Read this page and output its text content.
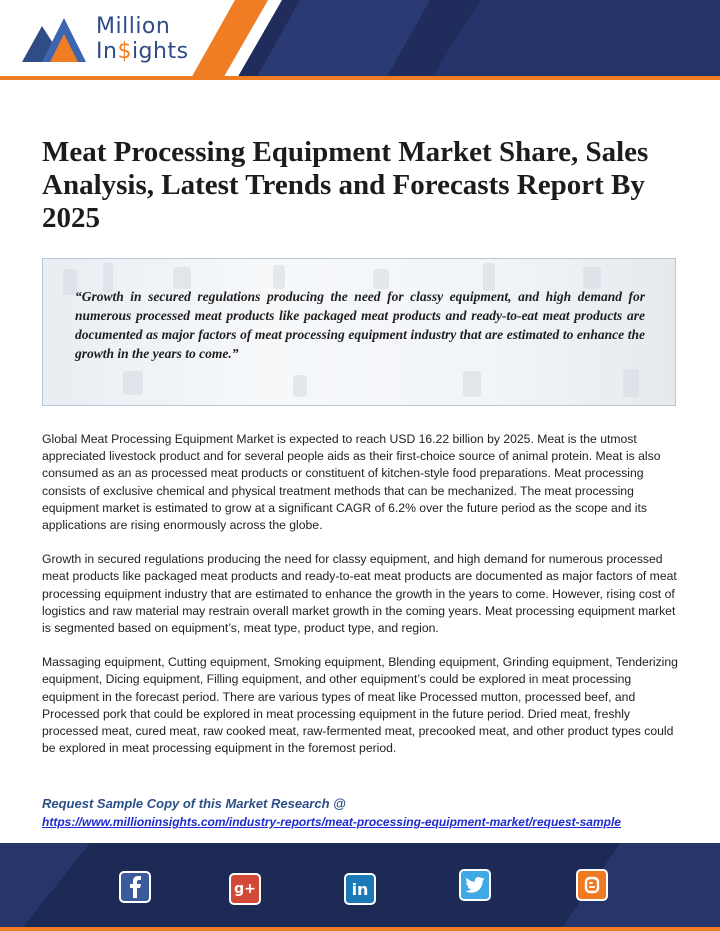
Million
In$ights
Meat Processing Equipment Market Share, Sales Analysis, Latest Trends and Forecasts Report By 2025
“Growth in secured regulations producing the need for classy equipment, and high demand for numerous processed meat products like packaged meat products and ready-to-eat meat products are documented as major factors of meat processing equipment industry that are estimated to enhance the growth in the years to come.”

Global Meat Processing Equipment Market is expected to reach USD 16.22 billion by 2025. Meat is the utmost appreciated livestock product and for several people aids as their first-choice source of animal protein. Meat is also consumed as an as processed meat products or constituent of kitchen-style food preparations. Meat processing consists of exclusive chemical and physical treatment methods that can be mechanized. The meat processing equipment market is estimated to grow at a significant CAGR of 6.2% over the future period as the scope and its applications are rising enormously across the globe.

Growth in secured regulations producing the need for classy equipment, and high demand for numerous processed meat products like packaged meat products and ready-to-eat meat products are documented as major factors of meat processing equipment industry that are estimated to enhance the growth in the years to come. However, rising cost of logistics and raw material may restrain overall market growth in the coming years. Meat processing equipment market is segmented based on equipment’s, meat type, product type, and region.

Massaging equipment, Cutting equipment, Smoking equipment, Blending equipment, Grinding equipment, Tenderizing equipment, Dicing equipment, Filling equipment, and other equipment’s could be explored in meat processing equipment in the forecast period. There are various types of meat like Processed mutton, processed beef, and Processed pork that could be explored in meat processing equipment in the future period. Dried meat, freshly processed meat, cured meat, raw cooked meat, raw-fermented meat, precooked meat, and other product types could be explored in meat processing equipment in the foremost period.

Request Sample Copy of this Market Research @
https://www.millioninsights.com/industry-reports/meat-processing-equipment-market/request-sample
g+	in
